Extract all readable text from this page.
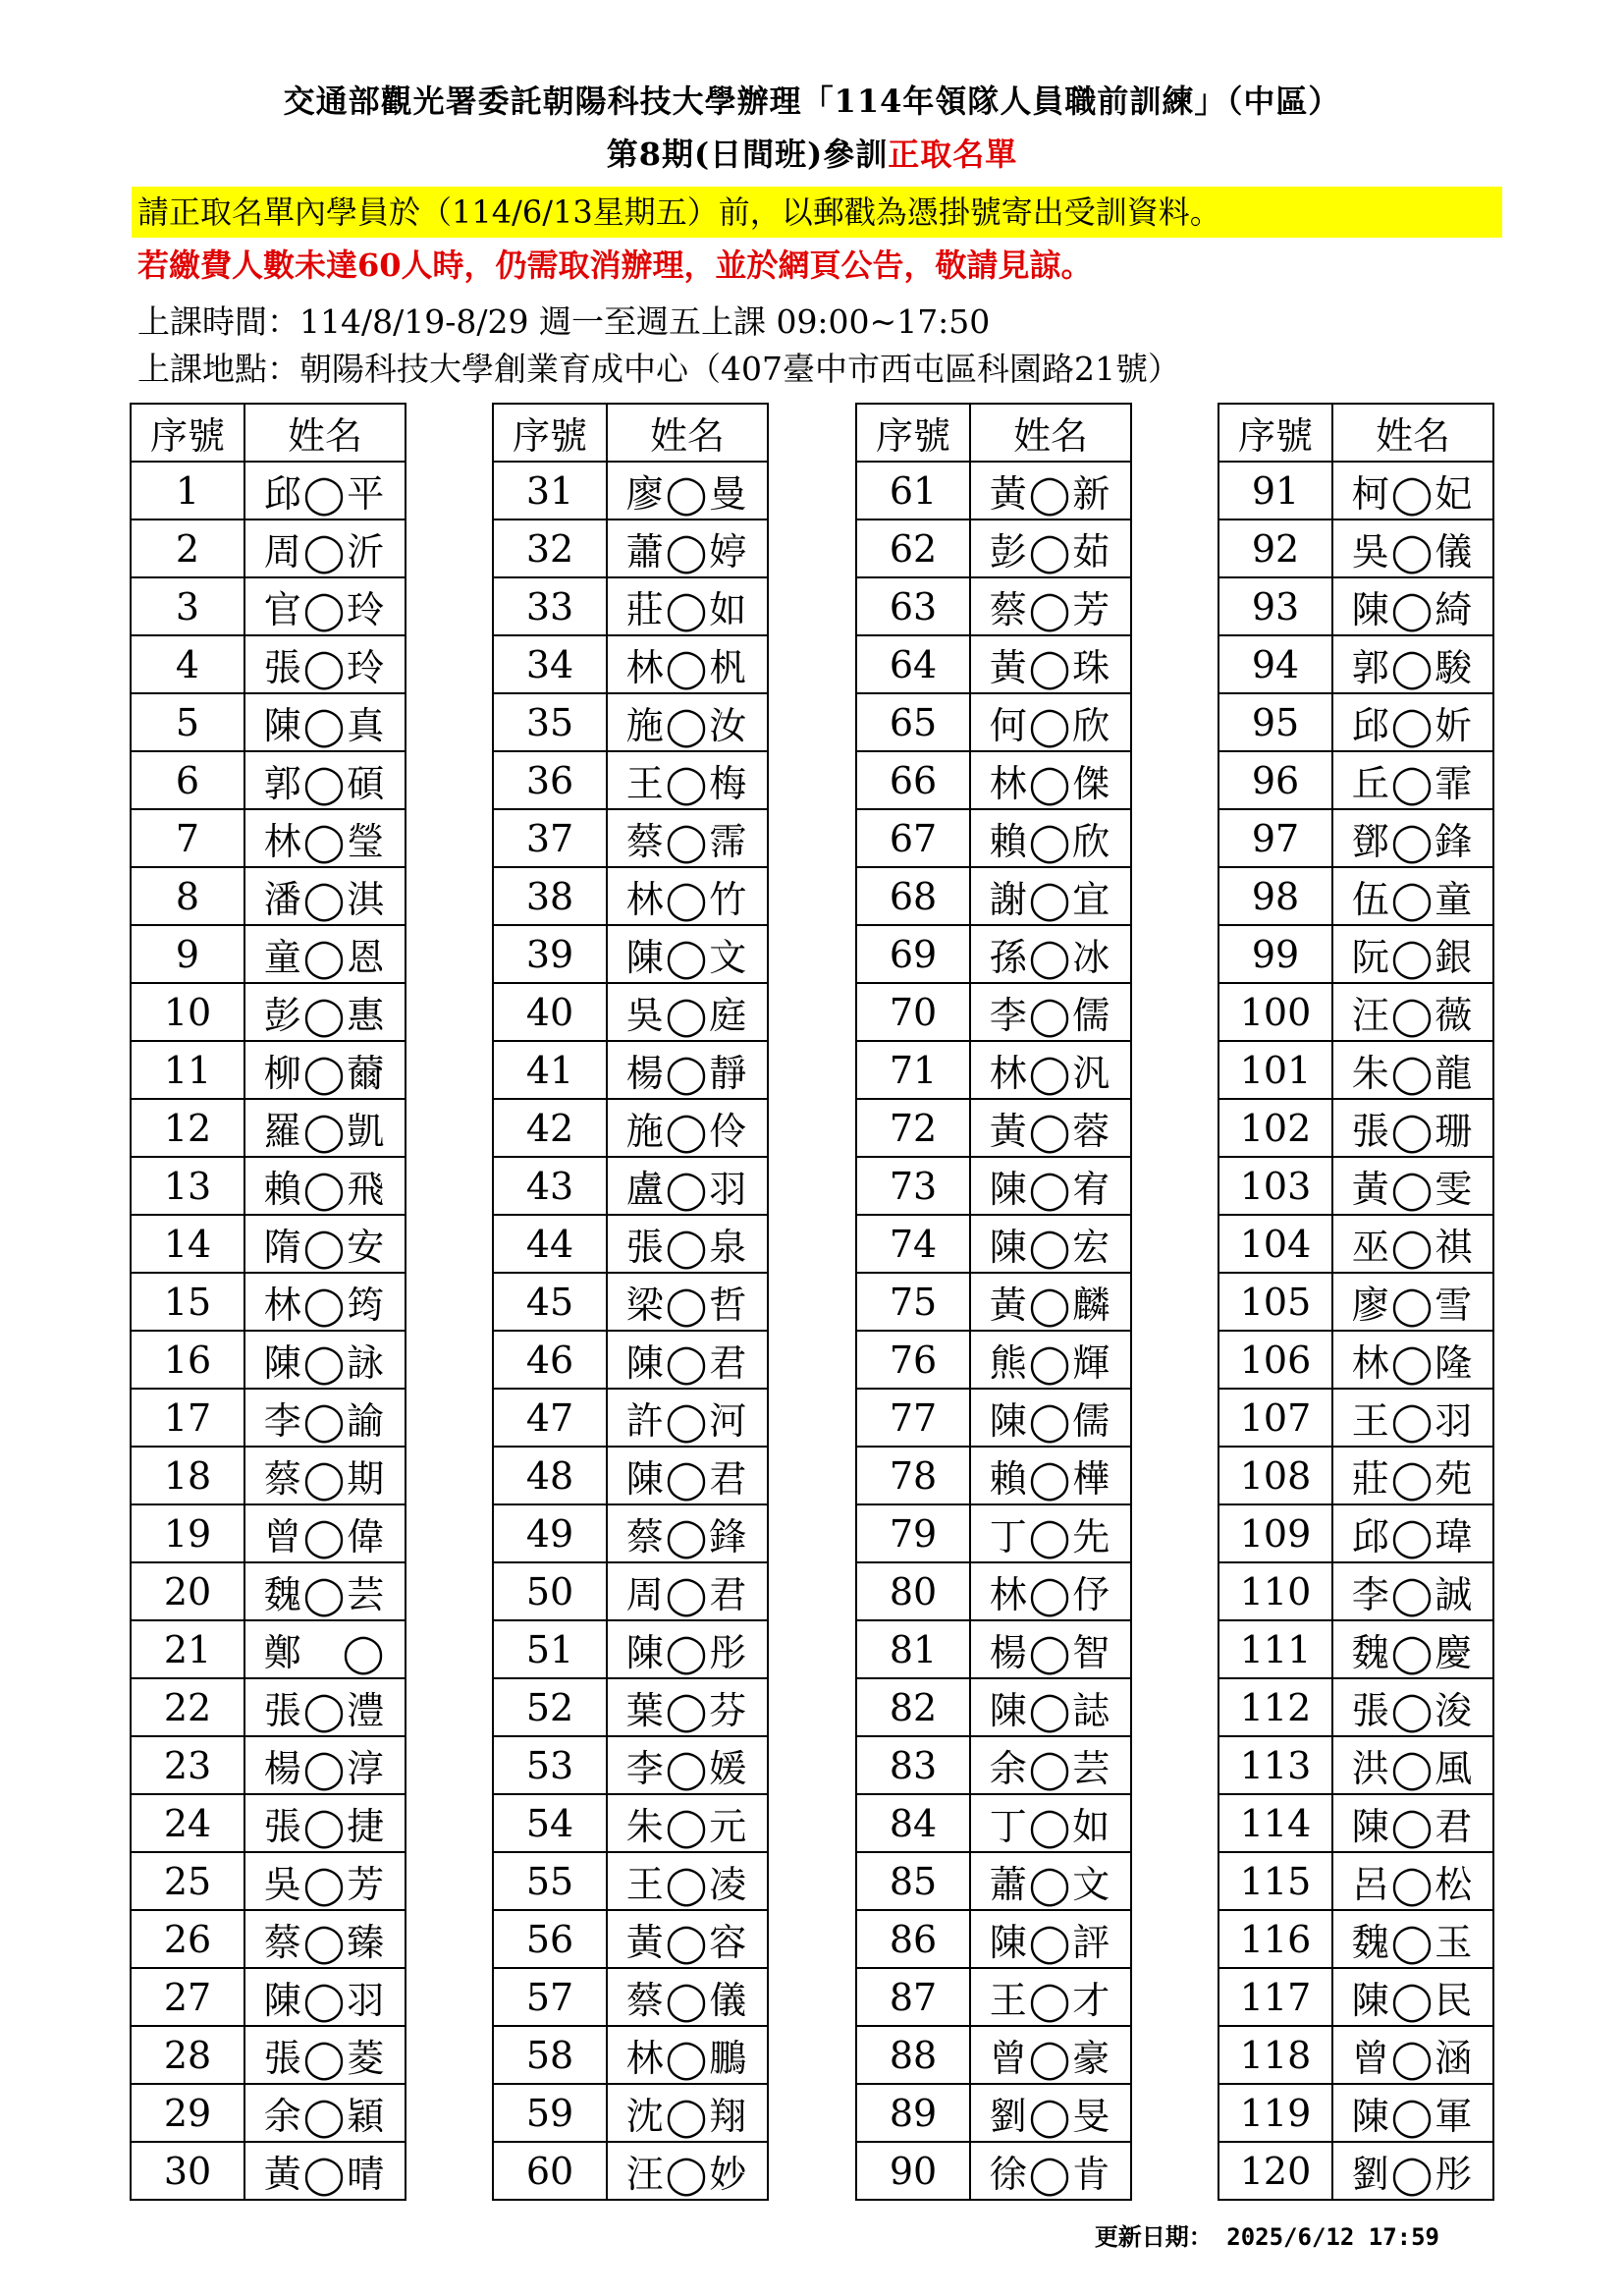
交通部觀光署委託朝陽科技大學辦理「114年領隊人員職前訓練」（中區）
第8期(日間班)參訓正取名單
請正取名單內學員於（114/6/13星期五）前，以郵戳為憑掛號寄出受訓資料。
若繳費人數未達60人時，仍需取消辦理，並於網頁公告，敬請見諒。
上課時間：114/8/19-8/29 週一至週五上課 09:00~17:50
上課地點：朝陽科技大學創業育成中心（407臺中市西屯區科園路21號）
序號	姓名
1	邱◯平
2	周◯沂
3	官◯玲
4	張◯玲
5	陳◯真
6	郭◯碩
7	林◯瑩
8	潘◯淇
9	童◯恩
10	彭◯惠
11	柳◯薾
12	羅◯凱
13	賴◯飛
14	隋◯安
15	林◯筠
16	陳◯詠
17	李◯諭
18	蔡◯期
19	曾◯偉
20	魏◯芸
21	鄭　◯
22	張◯澧
23	楊◯淳
24	張◯捷
25	吳◯芳
26	蔡◯臻
27	陳◯羽
28	張◯菱
29	余◯穎
30	黃◯晴
序號	姓名
31	廖◯曼
32	蕭◯婷
33	莊◯如
34	林◯杋
35	施◯汝
36	王◯梅
37	蔡◯霈
38	林◯竹
39	陳◯文
40	吳◯庭
41	楊◯靜
42	施◯伶
43	盧◯羽
44	張◯泉
45	梁◯哲
46	陳◯君
47	許◯河
48	陳◯君
49	蔡◯鋒
50	周◯君
51	陳◯彤
52	葉◯芬
53	李◯媛
54	朱◯元
55	王◯凌
56	黃◯容
57	蔡◯儀
58	林◯鵬
59	沈◯翔
60	汪◯妙
序號	姓名
61	黃◯新
62	彭◯茹
63	蔡◯芳
64	黃◯珠
65	何◯欣
66	林◯傑
67	賴◯欣
68	謝◯宜
69	孫◯冰
70	李◯儒
71	林◯汎
72	黃◯蓉
73	陳◯宥
74	陳◯宏
75	黃◯麟
76	熊◯輝
77	陳◯儒
78	賴◯樺
79	丁◯先
80	林◯伃
81	楊◯智
82	陳◯誌
83	余◯芸
84	丁◯如
85	蕭◯文
86	陳◯評
87	王◯才
88	曾◯豪
89	劉◯旻
90	徐◯肯
序號	姓名
91	柯◯妃
92	吳◯儀
93	陳◯綺
94	郭◯駿
95	邱◯妡
96	丘◯霏
97	鄧◯鋒
98	伍◯童
99	阮◯銀
100	汪◯薇
101	朱◯龍
102	張◯珊
103	黃◯雯
104	巫◯祺
105	廖◯雪
106	林◯隆
107	王◯羽
108	莊◯苑
109	邱◯瑋
110	李◯誠
111	魏◯慶
112	張◯浚
113	洪◯風
114	陳◯君
115	呂◯松
116	魏◯玉
117	陳◯民
118	曾◯涵
119	陳◯軍
120	劉◯彤
更新日期： 2025/6/12 17:59
